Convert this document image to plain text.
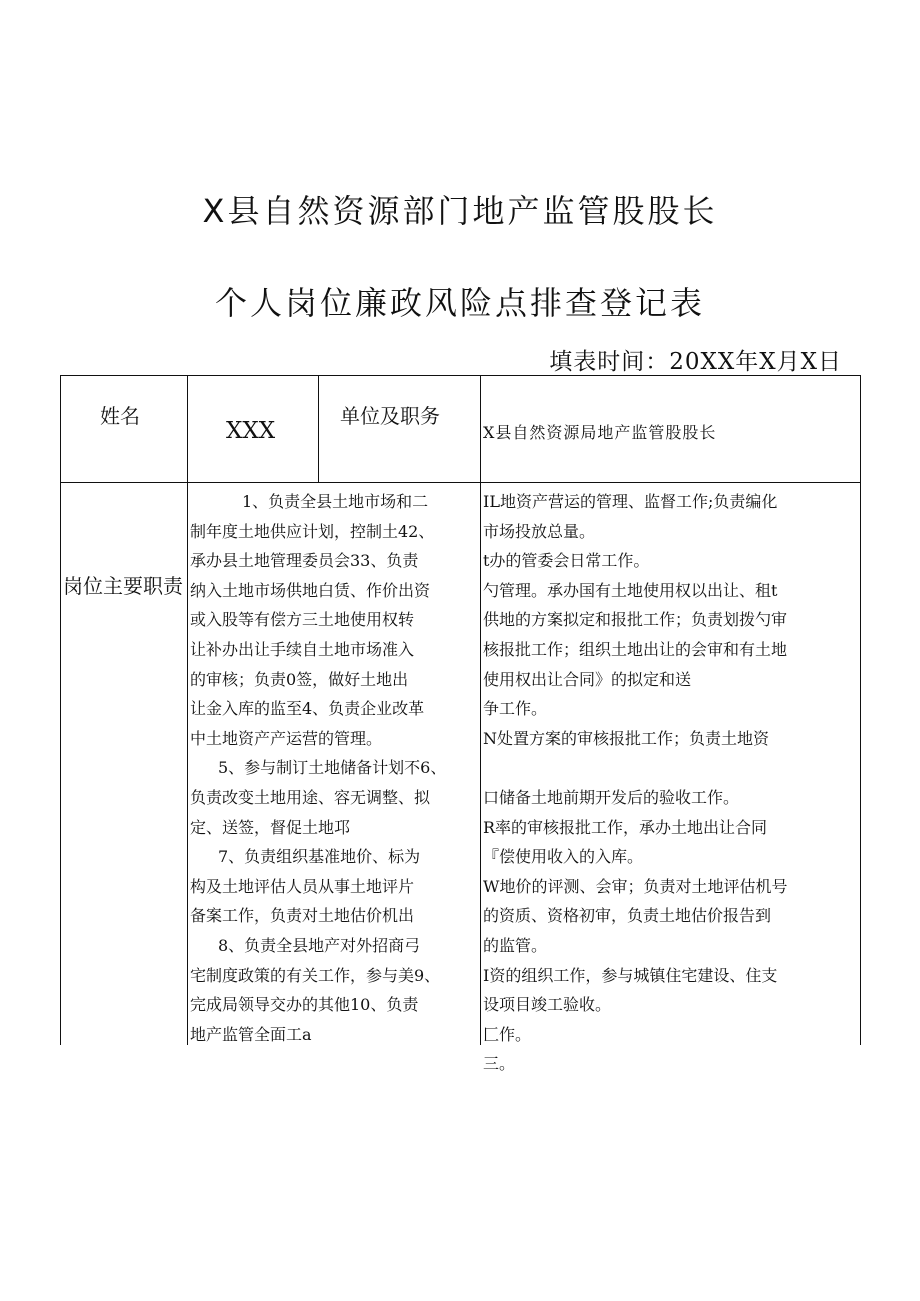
X县自然资源部门地产监管股股长
个人岗位廉政风险点排查登记表
填表时间：20XX年X月X日
姓名
XXX
单位及职务
X县自然资源局地产监管股股长
岗位主要职责
1、负责全县土地市场和二
制年度土地供应计划，控制土42、
承办县土地管理委员会33、负责
纳入土地市场供地白赁、作价出资
或入股等有偿方三土地使用权转
让补办出让手续自土地市场准入
的审核；负责0签，做好土地出
让金入库的监至4、负责企业改革
中土地资产产运营的管理。
5、参与制订土地储备计划不6、
负责改变土地用途、容无调整、拟
定、送签，督促土地邛
7、负责组织基准地价、标为
构及土地评估人员从事土地评片
备案工作，负责对土地估价机出
8、负责全县地产对外招商弓
宅制度政策的有关工作，参与美9、
完成局领导交办的其他10、负责
地产监管全面工a
IL地资产营运的管理、监督工作;负责编化
市场投放总量。
t办的管委会日常工作。
勺管理。承办国有土地使用权以出让、租t
供地的方案拟定和报批工作；负责划拨勺审
核报批工作；组织土地出让的会审和有土地
使用权出让合同》的拟定和送
争工作。
N处置方案的审核报批工作；负责土地资
口储备土地前期开发后的验收工作。
R率的审核报批工作，承办土地出让合同
『偿使用收入的入库。
W地价的评测、会审；负责对土地评估机号
的资质、资格初审，负责土地估价报告到
的监管。
I资的组织工作，参与城镇住宅建设、住支
设项目竣工验收。
匚作。
三。
